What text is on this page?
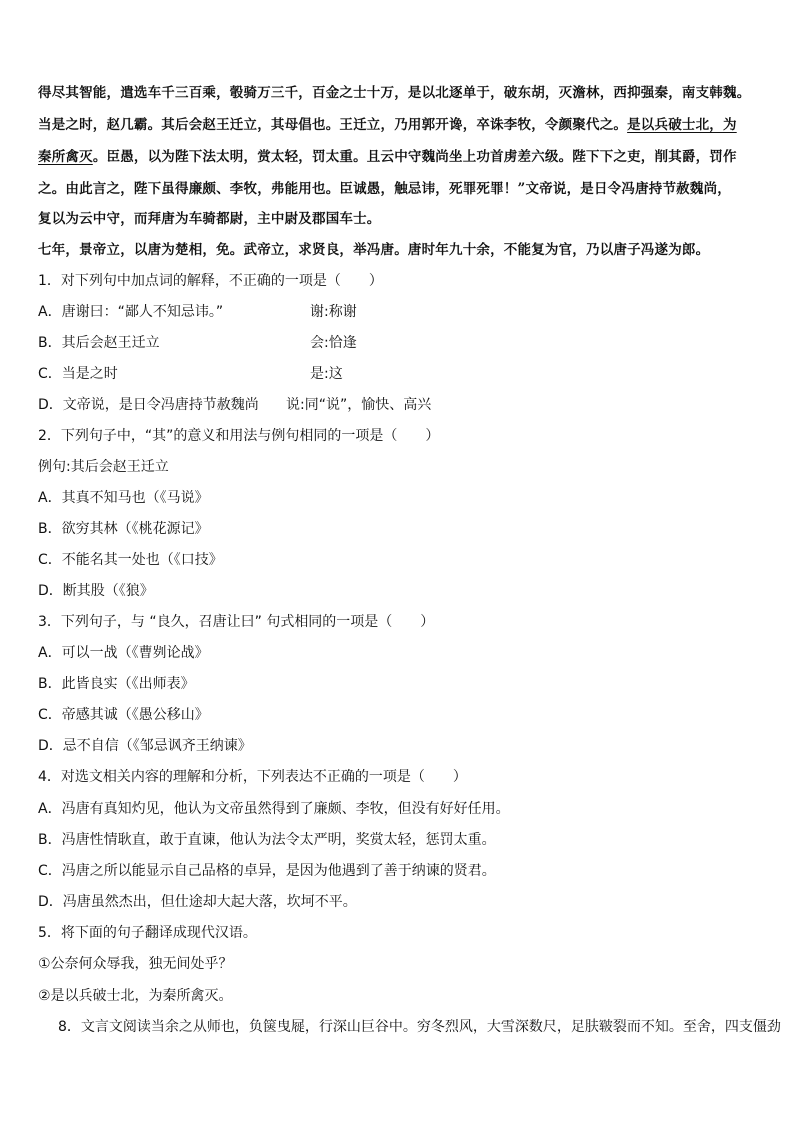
得尽其智能，遣选车千三百乘，彀骑万三千，百金之士十万，是以北逐单于，破东胡，灭澹林，西抑强秦，南支韩魏。
当是之时，赵几霸。其后会赵王迁立，其母倡也。王迁立，乃用郭开谗，卒诛李牧，令颜聚代之。是以兵破士北，为
秦所禽灭。臣愚，以为陛下法太明，赏太轻，罚太重。且云中守魏尚坐上功首虏差六级。陛下下之吏，削其爵，罚作
之。由此言之，陛下虽得廉颇、李牧，弗能用也。臣诚愚，触忌讳，死罪死罪！”文帝说，是日令冯唐持节赦魏尚，
复以为云中守，而拜唐为车骑都尉，主中尉及郡国车士。
七年，景帝立，以唐为楚相，免。武帝立，求贤良，举冯唐。唐时年九十余，不能复为官，乃以唐子冯遂为郎。
1．对下列句中加点词的解释，不正确的一项是（　　）
A．唐谢曰：“鄙人不知忌讳。”	谢:称谢
B．其后会赵王迁立	会:恰逢
C．当是之时	是:这
D．文帝说，是日令冯唐持节赦魏尚 说:同“说”，愉快、高兴
2．下列句子中，“其”的意义和用法与例句相同的一项是（　　）
例句:其后会赵王迁立
A．其真不知马也（《马说》
B．欲穷其林（《桃花源记》
C．不能名其一处也（《口技》
D．断其股（《狼》
3．下列句子，与 “良久，召唐让曰” 句式相同的一项是（　　）
A．可以一战（《曹刿论战》
B．此皆良实（《出师表》
C．帝感其诚（《愚公移山》
D．忌不自信（《邹忌讽齐王纳谏》
4．对选文相关内容的理解和分析，下列表达不正确的一项是（　　）
A．冯唐有真知灼见，他认为文帝虽然得到了廉颇、李牧，但没有好好任用。
B．冯唐性情耿直，敢于直谏，他认为法令太严明，奖赏太轻，惩罚太重。
C．冯唐之所以能显示自己品格的卓异，是因为他遇到了善于纳谏的贤君。
D．冯唐虽然杰出，但仕途却大起大落，坎坷不平。
5．将下面的句子翻译成现代汉语。
①公奈何众辱我，独无间处乎？
②是以兵破士北，为秦所禽灭。
8．文言文阅读当余之从师也，负箧曳屣，行深山巨谷中。穷冬烈风，大雪深数尺，足肤皲裂而不知。至舍，四支僵劲
